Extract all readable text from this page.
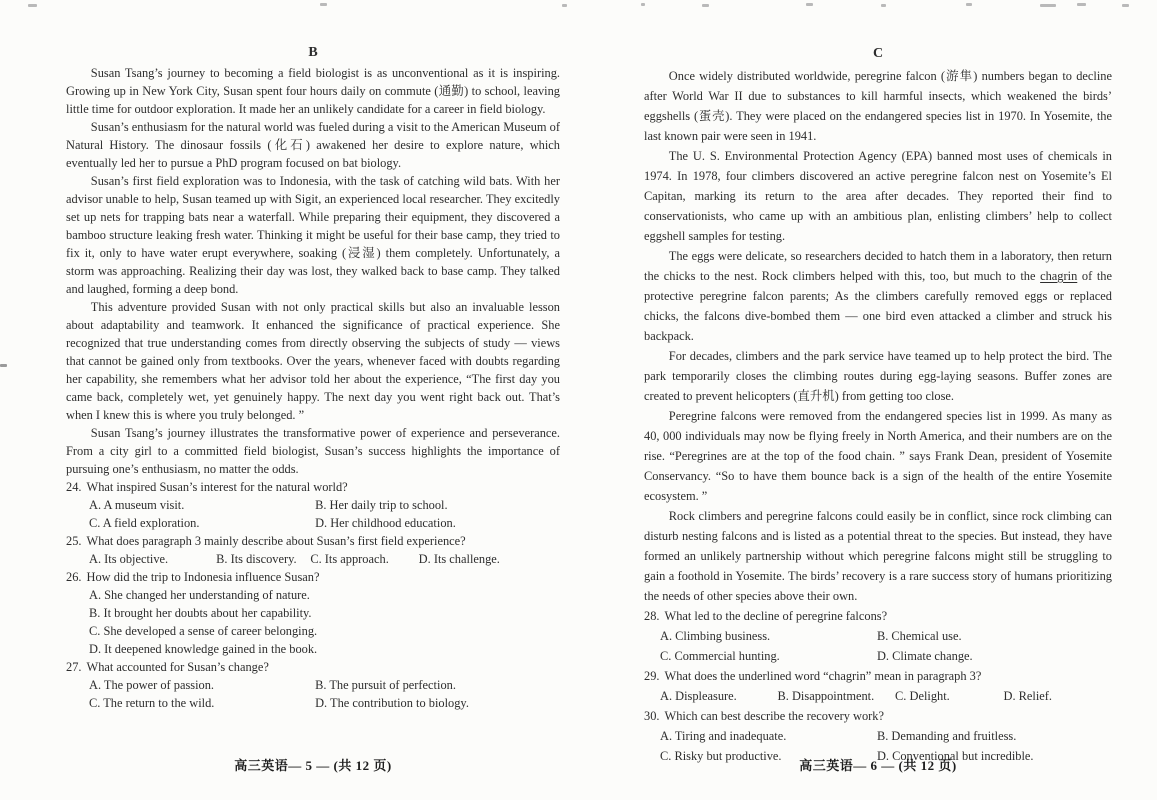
B

Susan Tsang’s journey to becoming a field biologist is as unconventional as it is inspiring. Growing up in New York City, Susan spent four hours daily on commute (通勤) to school, leaving little time for outdoor exploration. It made her an unlikely candidate for a career in field biology.

Susan’s enthusiasm for the natural world was fueled during a visit to the American Museum of Natural History. The dinosaur fossils (化石) awakened her desire to explore nature, which eventually led her to pursue a PhD program focused on bat biology.

Susan’s first field exploration was to Indonesia, with the task of catching wild bats. With her advisor unable to help, Susan teamed up with Sigit, an experienced local researcher. They excitedly set up nets for trapping bats near a waterfall. While preparing their equipment, they discovered a bamboo structure leaking fresh water. Thinking it might be useful for their base camp, they tried to fix it, only to have water erupt everywhere, soaking (浸湿) them completely. Unfortunately, a storm was approaching. Realizing their day was lost, they walked back to base camp. They talked and laughed, forming a deep bond.

This adventure provided Susan with not only practical skills but also an invaluable lesson about adaptability and teamwork. It enhanced the significance of practical experience. She recognized that true understanding comes from directly observing the subjects of study — views that cannot be gained only from textbooks. Over the years, whenever faced with doubts regarding her capability, she remembers what her advisor told her about the experience, “The first day you came back, completely wet, yet genuinely happy. The next day you went right back out. That’s when I knew this is where you truly belonged. ”

Susan Tsang’s journey illustrates the transformative power of experience and perseverance. From a city girl to a committed field biologist, Susan’s success highlights the importance of pursuing one’s enthusiasm, no matter the odds.

24. What inspired Susan’s interest for the natural world?

A. A museum visit.	B. Her daily trip to school.
C. A field exploration.	D. Her childhood education.

25. What does paragraph 3 mainly describe about Susan’s first field experience?

A. Its objective.	B. Its discovery.	C. Its approach.	D. Its challenge.

26. How did the trip to Indonesia influence Susan?

A. She changed her understanding of nature.
B. It brought her doubts about her capability.
C. She developed a sense of career belonging.
D. It deepened knowledge gained in the book.

27. What accounted for Susan’s change?

A. The power of passion.	B. The pursuit of perfection.
C. The return to the wild.	D. The contribution to biology.
C

Once widely distributed worldwide, peregrine falcon (游隼) numbers began to decline after World War II due to substances to kill harmful insects, which weakened the birds’ eggshells (蛋壳). They were placed on the endangered species list in 1970. In Yosemite, the last known pair were seen in 1941.

The U. S. Environmental Protection Agency (EPA) banned most uses of chemicals in 1974. In 1978, four climbers discovered an active peregrine falcon nest on Yosemite’s El Capitan, marking its return to the area after decades. They reported their find to conservationists, who came up with an ambitious plan, enlisting climbers’ help to collect eggshell samples for testing.

The eggs were delicate, so researchers decided to hatch them in a laboratory, then return the chicks to the nest. Rock climbers helped with this, too, but much to the chagrin of the protective peregrine falcon parents; As the climbers carefully removed eggs or replaced chicks, the falcons dive-bombed them — one bird even attacked a climber and struck his backpack.

For decades, climbers and the park service have teamed up to help protect the bird. The park temporarily closes the climbing routes during egg-laying seasons. Buffer zones are created to prevent helicopters (直升机) from getting too close.

Peregrine falcons were removed from the endangered species list in 1999. As many as 40, 000 individuals may now be flying freely in North America, and their numbers are on the rise. “Peregrines are at the top of the food chain. ” says Frank Dean, president of Yosemite Conservancy. “So to have them bounce back is a sign of the health of the entire Yosemite ecosystem. ”

Rock climbers and peregrine falcons could easily be in conflict, since rock climbing can disturb nesting falcons and is listed as a potential threat to the species. But instead, they have formed an unlikely partnership without which peregrine falcons might still be struggling to gain a foothold in Yosemite. The birds’ recovery is a rare success story of humans prioritizing the needs of other species above their own.

28. What led to the decline of peregrine falcons?

A. Climbing business.	B. Chemical use.
C. Commercial hunting.	D. Climate change.

29. What does the underlined word “chagrin” mean in paragraph 3?

A. Displeasure.	B. Disappointment.	C. Delight.	D. Relief.

30. Which can best describe the recovery work?

A. Tiring and inadequate.	B. Demanding and fruitless.
C. Risky but productive.	D. Conventional but incredible.
高三英语— 5 — (共 12 页)	高三英语— 6 — (共 12 页)
